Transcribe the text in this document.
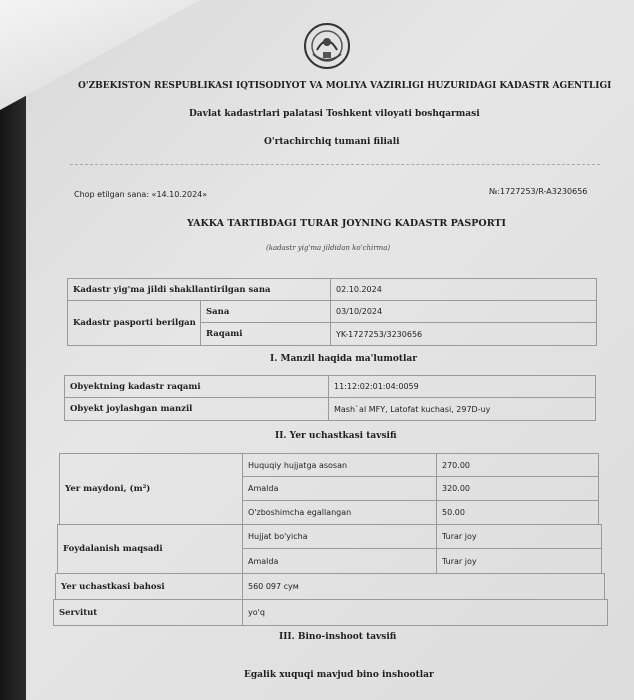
O'ZBEKISTON RESPUBLIKASI IQTISODIYOT VA MOLIYA VAZIRLIGI HUZURIDAGI KADASTR AGENTLIGI
Davlat kadastrlari palatasi Toshkent viloyati boshqarmasi
O'rtachirchiq tumani filiali
Chop etilgan sana: «14.10.2024»	№:1727253/R-A3230656
YAKKA TARTIBDAGI TURAR JOYNING KADASTR PASPORTI
(kadastr yig'ma jildidan ko'chirma)
Kadastr yig'ma jildi shakllantirilgan sana	02.10.2024
Kadastr pasporti berilgan
Sana	03/10/2024
Raqami	YK-1727253/3230656
I. Manzil haqida ma'lumotlar
Obyektning kadastr raqami	11:12:02:01:04:0059
Obyekt joylashgan manzil	Mash`al MFY, Latofat kuchasi, 297D-uy
II. Yer uchastkasi tavsifi
Yer maydoni, (m²)
Huquqiy hujjatga asosan	270.00
Amalda	320.00
O'zboshimcha egallangan	50.00
Foydalanish maqsadi
Hujjat bo'yicha	Turar joy
Amalda	Turar joy
Yer uchastkasi bahosi	560 097 сум
Servitut	yo'q
III. Bino-inshoot tavsifi
Egalik xuquqi mavjud bino inshootlar
